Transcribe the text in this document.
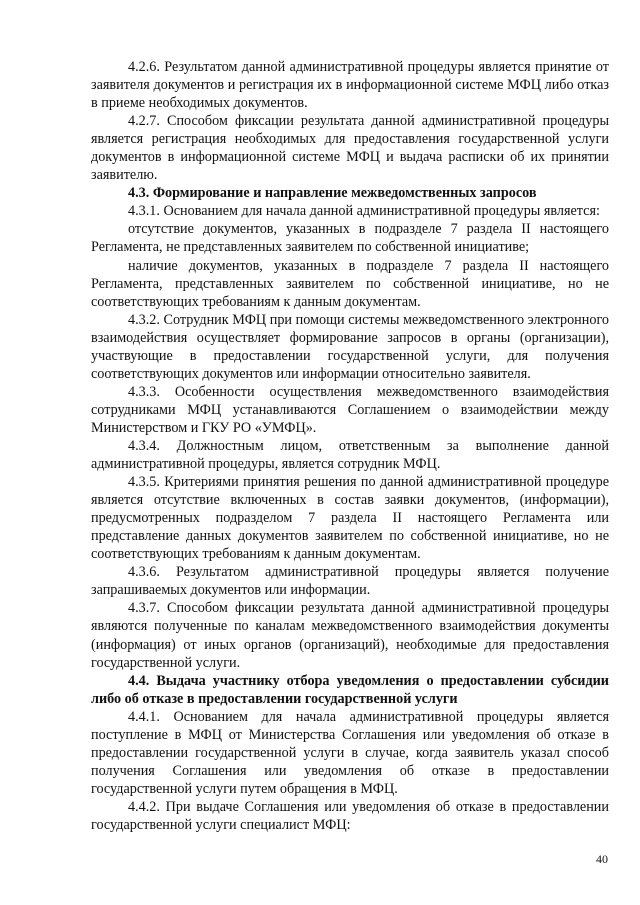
4.2.6. Результатом данной административной процедуры является принятие от заявителя документов и регистрация их в информационной системе МФЦ либо отказ в приеме необходимых документов.

4.2.7. Способом фиксации результата данной административной процедуры является регистрация необходимых для предоставления государственной услуги документов в информационной системе МФЦ и выдача расписки об их принятии заявителю.

4.3. Формирование и направление межведомственных запросов

4.3.1. Основанием для начала данной административной процедуры является:

отсутствие документов, указанных в подразделе 7 раздела II настоящего Регламента, не представленных заявителем по собственной инициативе;

наличие документов, указанных в подразделе 7 раздела II настоящего Регламента, представленных заявителем по собственной инициативе, но не соответствующих требованиям к данным документам.

4.3.2. Сотрудник МФЦ при помощи системы межведомственного электронного взаимодействия осуществляет формирование запросов в органы (организации), участвующие в предоставлении государственной услуги, для получения соответствующих документов или информации относительно заявителя.

4.3.3. Особенности осуществления межведомственного взаимодействия сотрудниками МФЦ устанавливаются Соглашением о взаимодействии между Министерством и ГКУ РО «УМФЦ».

4.3.4. Должностным лицом, ответственным за выполнение данной административной процедуры, является сотрудник МФЦ.

4.3.5. Критериями принятия решения по данной административной процедуре является отсутствие включенных в состав заявки документов, (информации), предусмотренных подразделом 7 раздела II настоящего Регламента или представление данных документов заявителем по собственной инициативе, но не соответствующих требованиям к данным документам.

4.3.6. Результатом административной процедуры является получение запрашиваемых документов или информации.

4.3.7. Способом фиксации результата данной административной процедуры являются полученные по каналам межведомственного взаимодействия документы (информация) от иных органов (организаций), необходимые для предоставления государственной услуги.

4.4. Выдача участнику отбора уведомления о предоставлении субсидии либо об отказе в предоставлении государственной услуги

4.4.1. Основанием для начала административной процедуры является поступление в МФЦ от Министерства Соглашения или уведомления об отказе в предоставлении государственной услуги в случае, когда заявитель указал способ получения Соглашения или уведомления об отказе в предоставлении государственной услуги путем обращения в МФЦ.

4.4.2. При выдаче Соглашения или уведомления об отказе в предоставлении государственной услуги специалист МФЦ:

40
